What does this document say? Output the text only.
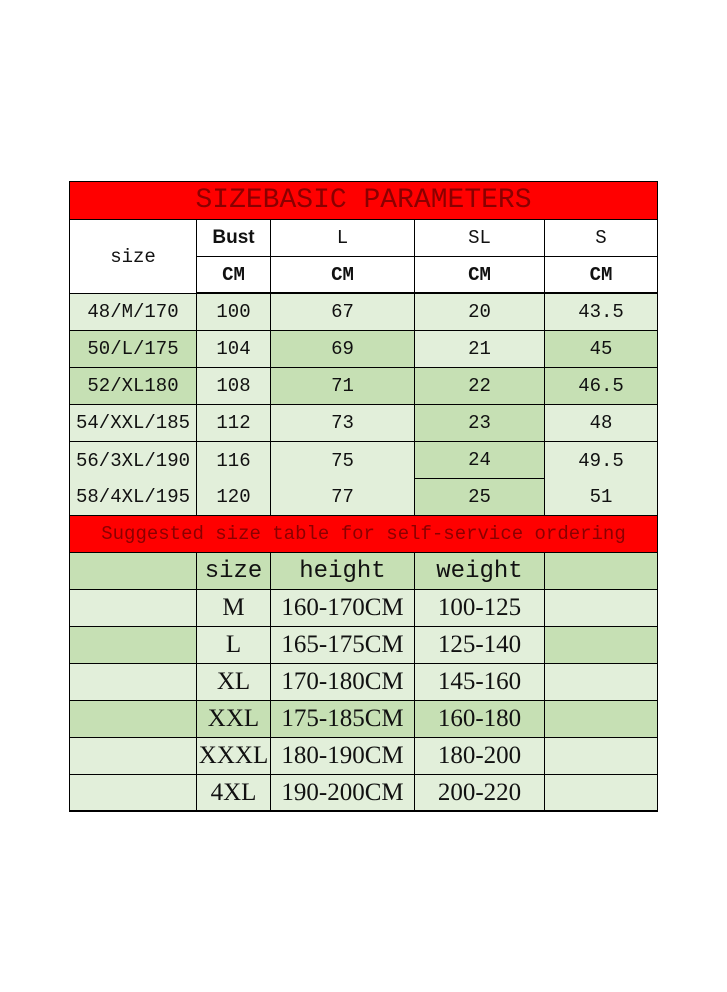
SIZEBASIC PARAMETERS
size
Bust	L	SL	S
CM	CM	CM	CM
48/M/170	100	67	20	43.5
50/L/175	104	69	21	45
52/XL180	108	71	22	46.5
54/XXL/185	112	73	23	48
56/3XL/190	116	75	24	49.5
58/4XL/195	120	77	25	51
Suggested size table for self-service ordering
size	height	weight
M	160-170CM	100-125
L	165-175CM	125-140
XL	170-180CM	145-160
XXL 175-185CM	160-180
XXXL 180-190CM	180-200
4XL 190-200CM	200-220
